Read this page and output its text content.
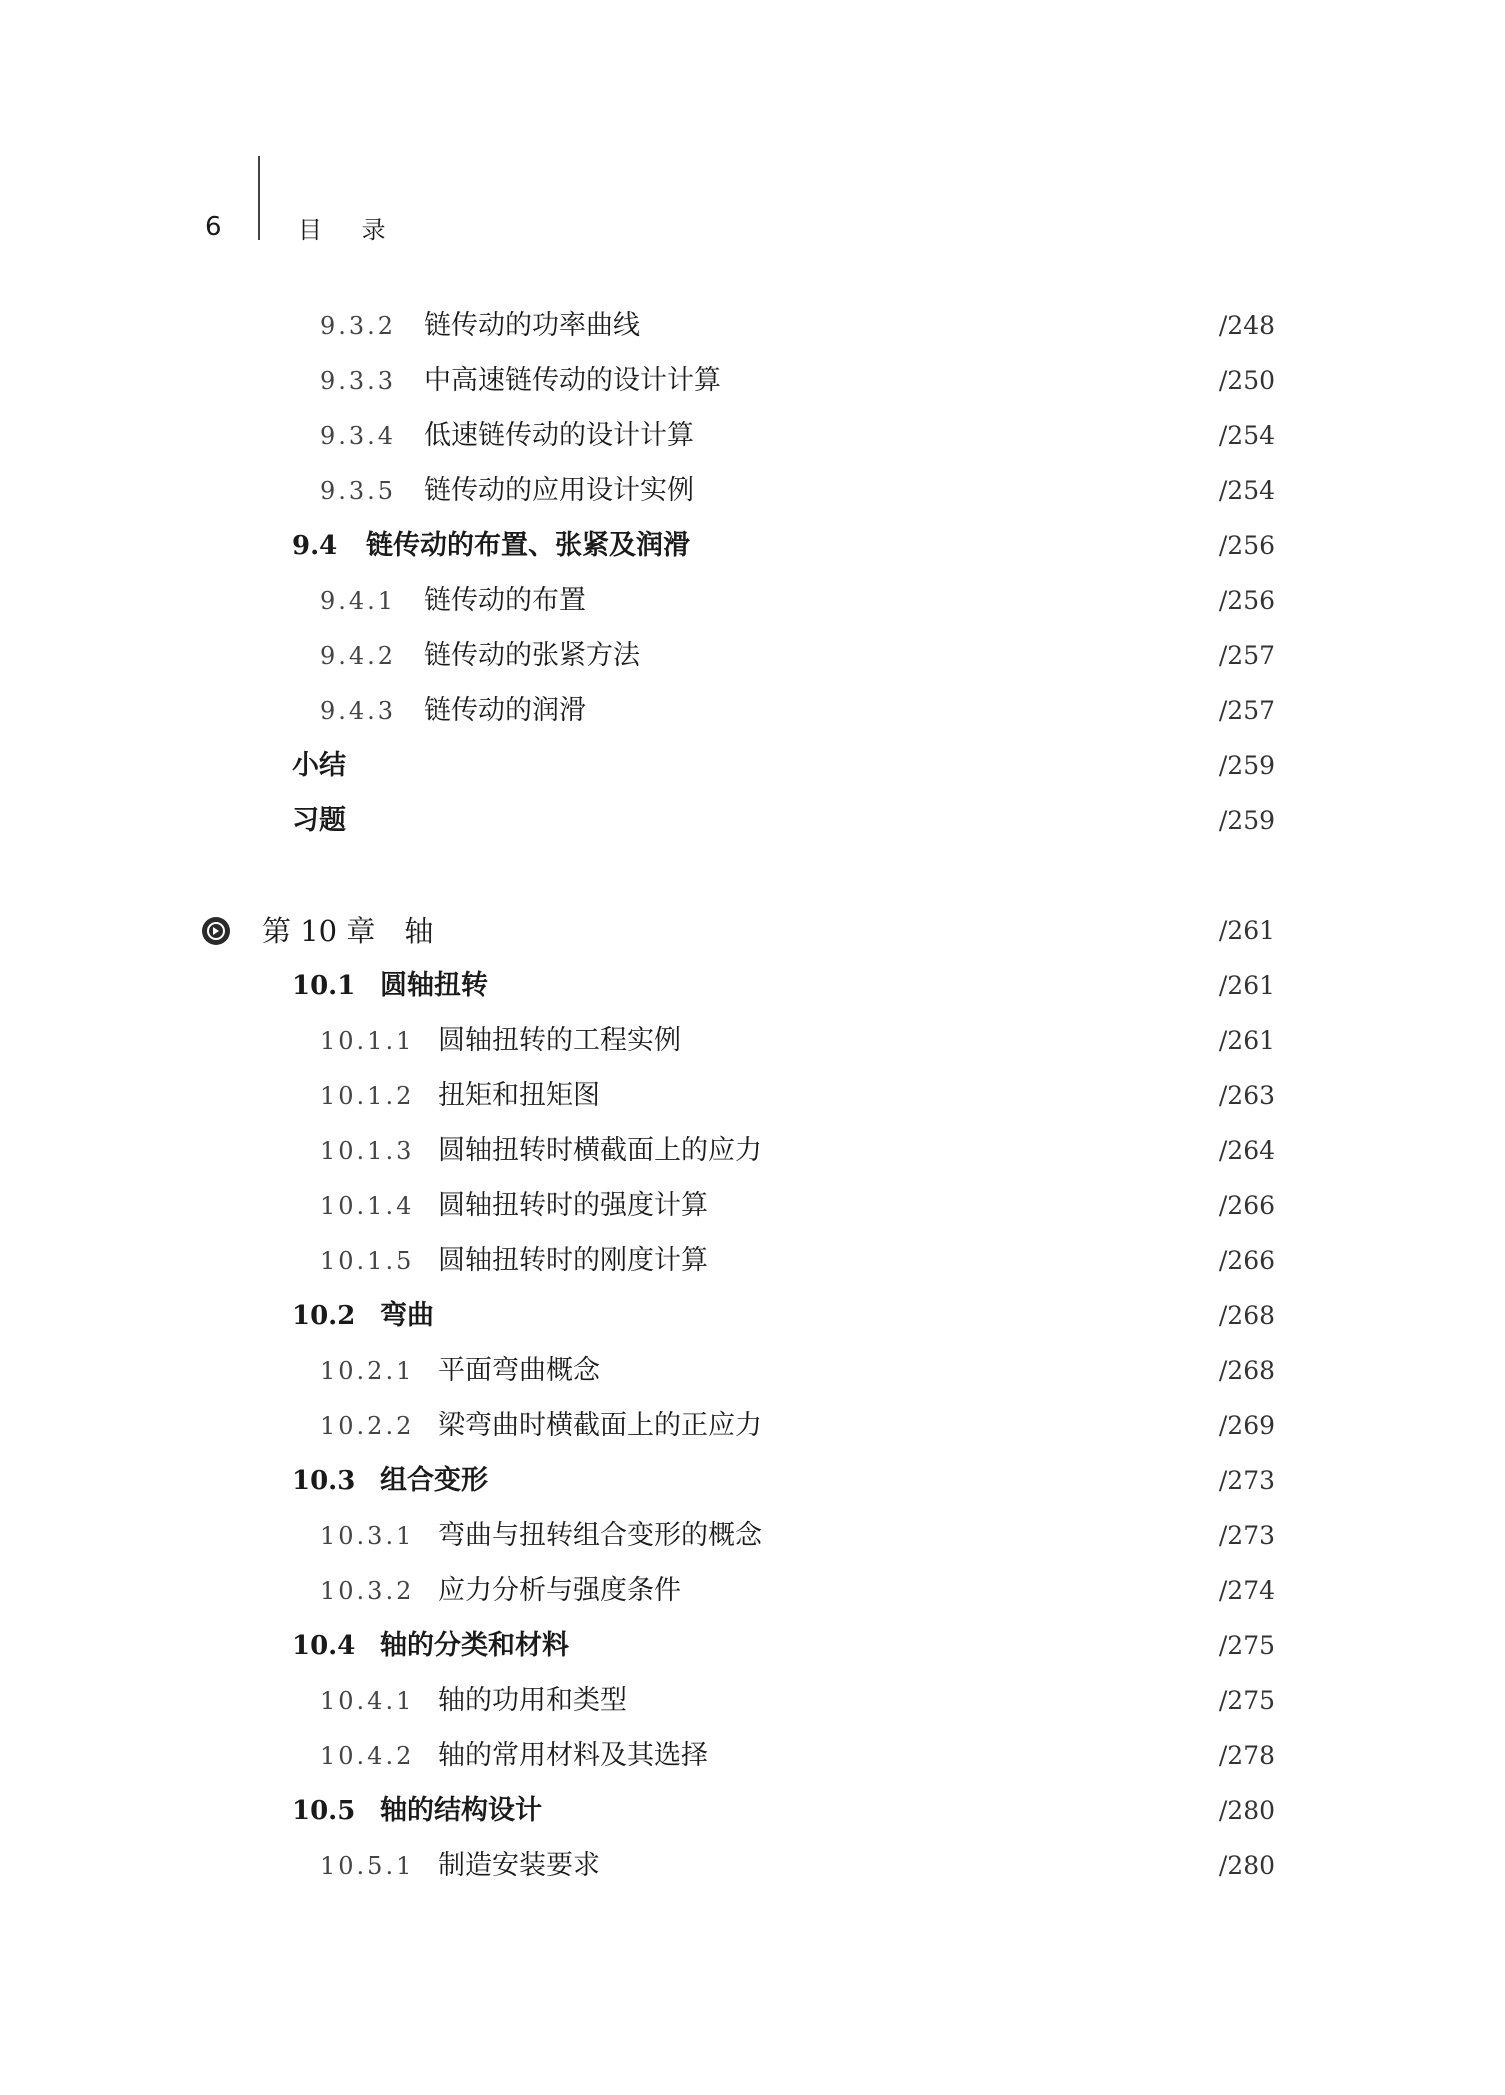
6	目 录
9.3.2 链传动的功率曲线	/248
9.3.3 中高速链传动的设计计算	/250
9.3.4 低速链传动的设计计算	/254
9.3.5 链传动的应用设计实例	/254
9.4 链传动的布置、张紧及润滑	/256
9.4.1 链传动的布置	/256
9.4.2 链传动的张紧方法	/257
9.4.3 链传动的润滑	/257
小结	/259
习题	/259
第 10 章　轴	/261
10.1 圆轴扭转	/261
10.1.1 圆轴扭转的工程实例	/261
10.1.2 扭矩和扭矩图	/263
10.1.3 圆轴扭转时横截面上的应力	/264
10.1.4 圆轴扭转时的强度计算	/266
10.1.5 圆轴扭转时的刚度计算	/266
10.2 弯曲	/268
10.2.1 平面弯曲概念	/268
10.2.2 梁弯曲时横截面上的正应力	/269
10.3 组合变形	/273
10.3.1 弯曲与扭转组合变形的概念	/273
10.3.2 应力分析与强度条件	/274
10.4 轴的分类和材料	/275
10.4.1 轴的功用和类型	/275
10.4.2 轴的常用材料及其选择	/278
10.5 轴的结构设计	/280
10.5.1 制造安装要求	/280
